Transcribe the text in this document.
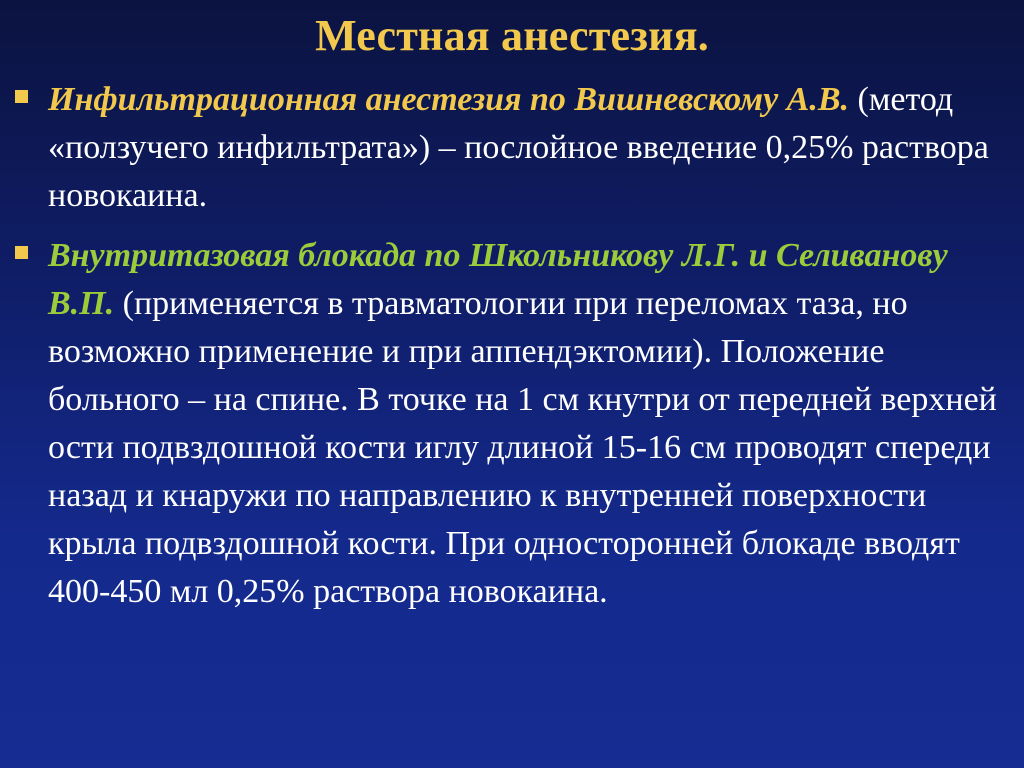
Местная анестезия.
Инфильтрационная анестезия по Вишневскому А.В. (метод «ползучего инфильтрата») – послойное введение 0,25% раствора новокаина.
Внутритазовая блокада по Школьникову Л.Г. и Селиванову В.П. (применяется в травматологии при переломах таза, но возможно применение и при аппендэктомии). Положение больного – на спине. В точке на 1 см кнутри от передней верхней ости подвздошной кости иглу длиной 15-16 см проводят спереди назад и кнаружи по направлению к внутренней поверхности крыла подвздошной кости. При односторонней блокаде вводят 400-450 мл 0,25% раствора новокаина.
